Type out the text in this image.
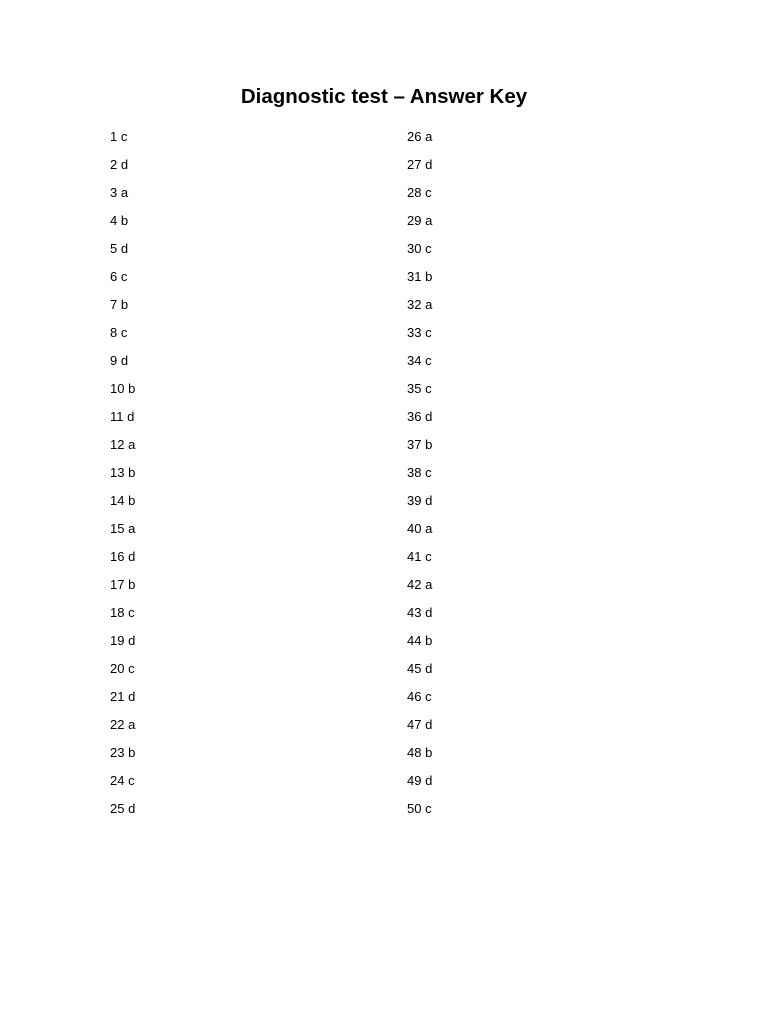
Diagnostic test – Answer Key
1 c
2 d
3 a
4 b
5 d
6 c
7 b
8 c
9 d
10 b
11 d
12 a
13 b
14 b
15 a
16 d
17 b
18 c
19 d
20 c
21 d
22 a
23 b
24 c
25 d
26 a
27 d
28 c
29 a
30 c
31 b
32 a
33 c
34 c
35 c
36 d
37 b
38 c
39 d
40 a
41 c
42 a
43 d
44 b
45 d
46 c
47 d
48 b
49 d
50 c
